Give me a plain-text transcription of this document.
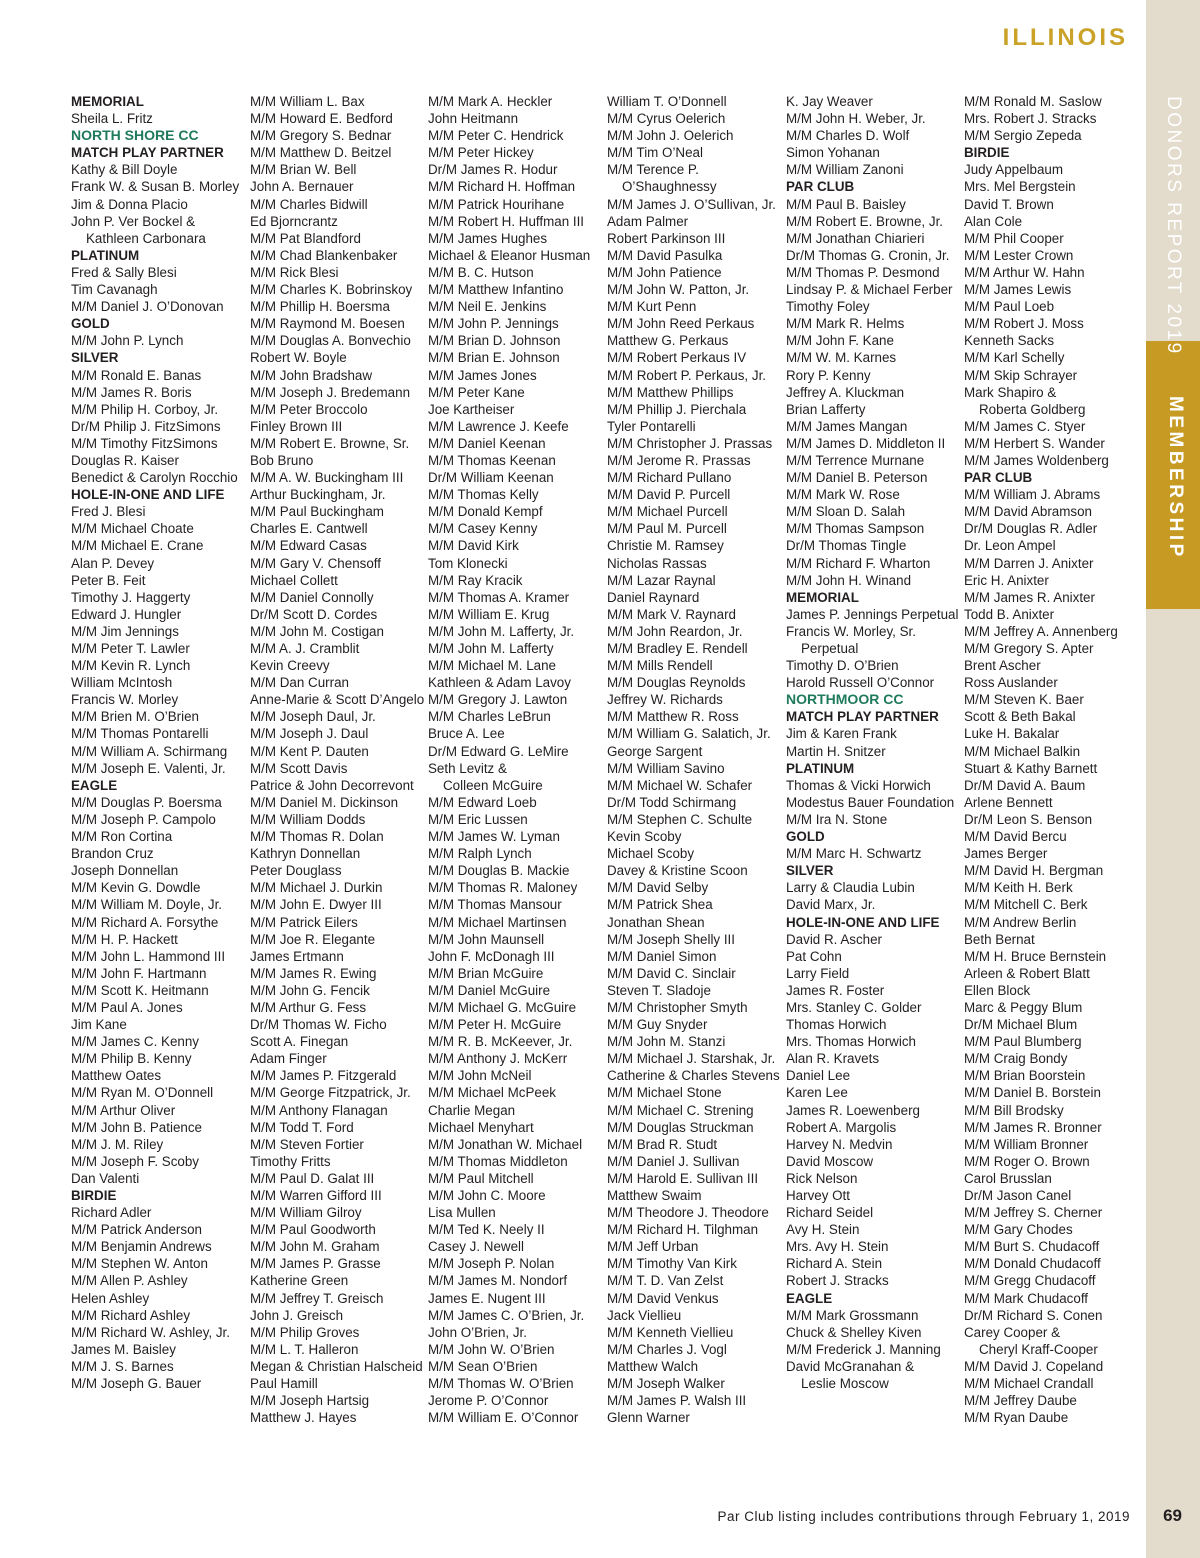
ILLINOIS
DONORS REPORT 2019
MEMBERSHIP
MEMORIAL
Sheila L. Fritz
NORTH SHORE CC
MATCH PLAY PARTNER
Kathy & Bill Doyle
Frank W. & Susan B. Morley
Jim & Donna Placio
John P. Ver Bockel &
Kathleen Carbonara
PLATINUM
Fred & Sally Blesi
Tim Cavanagh
M/M Daniel J. O’Donovan
GOLD
M/M John P. Lynch
SILVER
M/M Ronald E. Banas
M/M James R. Boris
M/M Philip H. Corboy, Jr.
Dr/M Philip J. FitzSimons
M/M Timothy FitzSimons
Douglas R. Kaiser
Benedict & Carolyn Rocchio
HOLE-IN-ONE AND LIFE
Fred J. Blesi
M/M Michael Choate
M/M Michael E. Crane
Alan P. Devey
Peter B. Feit
Timothy J. Haggerty
Edward J. Hungler
M/M Jim Jennings
M/M Peter T. Lawler
M/M Kevin R. Lynch
William McIntosh
Francis W. Morley
M/M Brien M. O’Brien
M/M Thomas Pontarelli
M/M William A. Schirmang
M/M Joseph E. Valenti, Jr.
EAGLE
M/M Douglas P. Boersma
M/M Joseph P. Campolo
M/M Ron Cortina
Brandon Cruz
Joseph Donnellan
M/M Kevin G. Dowdle
M/M William M. Doyle, Jr.
M/M Richard A. Forsythe
M/M H. P. Hackett
M/M John L. Hammond III
M/M John F. Hartmann
M/M Scott K. Heitmann
M/M Paul A. Jones
Jim Kane
M/M James C. Kenny
M/M Philip B. Kenny
Matthew Oates
M/M Ryan M. O’Donnell
M/M Arthur Oliver
M/M John B. Patience
M/M J. M. Riley
M/M Joseph F. Scoby
Dan Valenti
BIRDIE
Richard Adler
M/M Patrick Anderson
M/M Benjamin Andrews
M/M Stephen W. Anton
M/M Allen P. Ashley
Helen Ashley
M/M Richard Ashley
M/M Richard W. Ashley, Jr.
James M. Baisley
M/M J. S. Barnes
M/M Joseph G. Bauer
M/M William L. Bax
M/M Howard E. Bedford
M/M Gregory S. Bednar
M/M Matthew D. Beitzel
M/M Brian W. Bell
John A. Bernauer
M/M Charles Bidwill
Ed Bjorncrantz
M/M Pat Blandford
M/M Chad Blankenbaker
M/M Rick Blesi
M/M Charles K. Bobrinskoy
M/M Phillip H. Boersma
M/M Raymond M. Boesen
M/M Douglas A. Bonvechio
Robert W. Boyle
M/M John Bradshaw
M/M Joseph J. Bredemann
M/M Peter Broccolo
Finley Brown III
M/M Robert E. Browne, Sr.
Bob Bruno
M/M A. W. Buckingham III
Arthur Buckingham, Jr.
M/M Paul Buckingham
Charles E. Cantwell
M/M Edward Casas
M/M Gary V. Chensoff
Michael Collett
M/M Daniel Connolly
Dr/M Scott D. Cordes
M/M John M. Costigan
M/M A. J. Cramblit
Kevin Creevy
M/M Dan Curran
Anne-Marie & Scott D’Angelo
M/M Joseph Daul, Jr.
M/M Joseph J. Daul
M/M Kent P. Dauten
M/M Scott Davis
Patrice & John Decorrevont
M/M Daniel M. Dickinson
M/M William Dodds
M/M Thomas R. Dolan
Kathryn Donnellan
Peter Douglass
M/M Michael J. Durkin
M/M John E. Dwyer III
M/M Patrick Eilers
M/M Joe R. Elegante
James Ertmann
M/M James R. Ewing
M/M John G. Fencik
M/M Arthur G. Fess
Dr/M Thomas W. Ficho
Scott A. Finegan
Adam Finger
M/M James P. Fitzgerald
M/M George Fitzpatrick, Jr.
M/M Anthony Flanagan
M/M Todd T. Ford
M/M Steven Fortier
Timothy Fritts
M/M Paul D. Galat III
M/M Warren Gifford III
M/M William Gilroy
M/M Paul Goodworth
M/M John M. Graham
M/M James P. Grasse
Katherine Green
M/M Jeffrey T. Greisch
John J. Greisch
M/M Philip Groves
M/M L. T. Halleron
Megan & Christian Halscheid
Paul Hamill
M/M Joseph Hartsig
Matthew J. Hayes
M/M Mark A. Heckler
John Heitmann
M/M Peter C. Hendrick
M/M Peter Hickey
Dr/M James R. Hodur
M/M Richard H. Hoffman
M/M Patrick Hourihane
M/M Robert H. Huffman III
M/M James Hughes
Michael & Eleanor Husman
M/M B. C. Hutson
M/M Matthew Infantino
M/M Neil E. Jenkins
M/M John P. Jennings
M/M Brian D. Johnson
M/M Brian E. Johnson
M/M James Jones
M/M Peter Kane
Joe Kartheiser
M/M Lawrence J. Keefe
M/M Daniel Keenan
M/M Thomas Keenan
Dr/M William Keenan
M/M Thomas Kelly
M/M Donald Kempf
M/M Casey Kenny
M/M David Kirk
Tom Klonecki
M/M Ray Kracik
M/M Thomas A. Kramer
M/M William E. Krug
M/M John M. Lafferty, Jr.
M/M John M. Lafferty
M/M Michael M. Lane
Kathleen & Adam Lavoy
M/M Gregory J. Lawton
M/M Charles LeBrun
Bruce A. Lee
Dr/M Edward G. LeMire
Seth Levitz &
Colleen McGuire
M/M Edward Loeb
M/M Eric Lussen
M/M James W. Lyman
M/M Ralph Lynch
M/M Douglas B. Mackie
M/M Thomas R. Maloney
M/M Thomas Mansour
M/M Michael Martinsen
M/M John Maunsell
John F. McDonagh III
M/M Brian McGuire
M/M Daniel McGuire
M/M Michael G. McGuire
M/M Peter H. McGuire
M/M R. B. McKeever, Jr.
M/M Anthony J. McKerr
M/M John McNeil
M/M Michael McPeek
Charlie Megan
Michael Menyhart
M/M Jonathan W. Michael
M/M Thomas Middleton
M/M Paul Mitchell
M/M John C. Moore
Lisa Mullen
M/M Ted K. Neely II
Casey J. Newell
M/M Joseph P. Nolan
M/M James M. Nondorf
James E. Nugent III
M/M James C. O’Brien, Jr.
John O’Brien, Jr.
M/M John W. O’Brien
M/M Sean O’Brien
M/M Thomas W. O’Brien
Jerome P. O’Connor
M/M William E. O’Connor
William T. O’Donnell
M/M Cyrus Oelerich
M/M John J. Oelerich
M/M Tim O’Neal
M/M Terence P.
O’Shaughnessy
M/M James J. O’Sullivan, Jr.
Adam Palmer
Robert Parkinson III
M/M David Pasulka
M/M John Patience
M/M John W. Patton, Jr.
M/M Kurt Penn
M/M John Reed Perkaus
Matthew G. Perkaus
M/M Robert Perkaus IV
M/M Robert P. Perkaus, Jr.
M/M Matthew Phillips
M/M Phillip J. Pierchala
Tyler Pontarelli
M/M Christopher J. Prassas
M/M Jerome R. Prassas
M/M Richard Pullano
M/M David P. Purcell
M/M Michael Purcell
M/M Paul M. Purcell
Christie M. Ramsey
Nicholas Rassas
M/M Lazar Raynal
Daniel Raynard
M/M Mark V. Raynard
M/M John Reardon, Jr.
M/M Bradley E. Rendell
M/M Mills Rendell
M/M Douglas Reynolds
Jeffrey W. Richards
M/M Matthew R. Ross
M/M William G. Salatich, Jr.
George Sargent
M/M William Savino
M/M Michael W. Schafer
Dr/M Todd Schirmang
M/M Stephen C. Schulte
Kevin Scoby
Michael Scoby
Davey & Kristine Scoon
M/M David Selby
M/M Patrick Shea
Jonathan Shean
M/M Joseph Shelly III
M/M Daniel Simon
M/M David C. Sinclair
Steven T. Sladoje
M/M Christopher Smyth
M/M Guy Snyder
M/M John M. Stanzi
M/M Michael J. Starshak, Jr.
Catherine & Charles Stevens
M/M Michael Stone
M/M Michael C. Strening
M/M Douglas Struckman
M/M Brad R. Studt
M/M Daniel J. Sullivan
M/M Harold E. Sullivan III
Matthew Swaim
M/M Theodore J. Theodore
M/M Richard H. Tilghman
M/M Jeff Urban
M/M Timothy Van Kirk
M/M T. D. Van Zelst
M/M David Venkus
Jack Viellieu
M/M Kenneth Viellieu
M/M Charles J. Vogl
Matthew Walch
M/M Joseph Walker
M/M James P. Walsh III
Glenn Warner
K. Jay Weaver
M/M John H. Weber, Jr.
M/M Charles D. Wolf
Simon Yohanan
M/M William Zanoni
PAR CLUB
M/M Paul B. Baisley
M/M Robert E. Browne, Jr.
M/M Jonathan Chiarieri
Dr/M Thomas G. Cronin, Jr.
M/M Thomas P. Desmond
Lindsay P. & Michael Ferber
Timothy Foley
M/M Mark R. Helms
M/M John F. Kane
M/M W. M. Karnes
Rory P. Kenny
Jeffrey A. Kluckman
Brian Lafferty
M/M James Mangan
M/M James D. Middleton II
M/M Terrence Murnane
M/M Daniel B. Peterson
M/M Mark W. Rose
M/M Sloan D. Salah
M/M Thomas Sampson
Dr/M Thomas Tingle
M/M Richard F. Wharton
M/M John H. Winand
MEMORIAL
James P. Jennings Perpetual
Francis W. Morley, Sr.
Perpetual
Timothy D. O’Brien
Harold Russell O’Connor
NORTHMOOR CC
MATCH PLAY PARTNER
Jim & Karen Frank
Martin H. Snitzer
PLATINUM
Thomas & Vicki Horwich
Modestus Bauer Foundation
M/M Ira N. Stone
GOLD
M/M Marc H. Schwartz
SILVER
Larry & Claudia Lubin
David Marx, Jr.
HOLE-IN-ONE AND LIFE
David R. Ascher
Pat Cohn
Larry Field
James R. Foster
Mrs. Stanley C. Golder
Thomas Horwich
Mrs. Thomas Horwich
Alan R. Kravets
Daniel Lee
Karen Lee
James R. Loewenberg
Robert A. Margolis
Harvey N. Medvin
David Moscow
Rick Nelson
Harvey Ott
Richard Seidel
Avy H. Stein
Mrs. Avy H. Stein
Richard A. Stein
Robert J. Stracks
EAGLE
M/M Mark Grossmann
Chuck & Shelley Kiven
M/M Frederick J. Manning
David McGranahan &
Leslie Moscow
M/M Ronald M. Saslow
Mrs. Robert J. Stracks
M/M Sergio Zepeda
BIRDIE
Judy Appelbaum
Mrs. Mel Bergstein
David T. Brown
Alan Cole
M/M Phil Cooper
M/M Lester Crown
M/M Arthur W. Hahn
M/M James Lewis
M/M Paul Loeb
M/M Robert J. Moss
Kenneth Sacks
M/M Karl Schelly
M/M Skip Schrayer
Mark Shapiro &
Roberta Goldberg
M/M James C. Styer
M/M Herbert S. Wander
M/M James Woldenberg
PAR CLUB
M/M William J. Abrams
M/M David Abramson
Dr/M Douglas R. Adler
Dr. Leon Ampel
M/M Darren J. Anixter
Eric H. Anixter
M/M James R. Anixter
Todd B. Anixter
M/M Jeffrey A. Annenberg
M/M Gregory S. Apter
Brent Ascher
Ross Auslander
M/M Steven K. Baer
Scott & Beth Bakal
Luke H. Bakalar
M/M Michael Balkin
Stuart & Kathy Barnett
Dr/M David A. Baum
Arlene Bennett
Dr/M Leon S. Benson
M/M David Bercu
James Berger
M/M David H. Bergman
M/M Keith H. Berk
M/M Mitchell C. Berk
M/M Andrew Berlin
Beth Bernat
M/M H. Bruce Bernstein
Arleen & Robert Blatt
Ellen Block
Marc & Peggy Blum
Dr/M Michael Blum
M/M Paul Blumberg
M/M Craig Bondy
M/M Brian Boorstein
M/M Daniel B. Borstein
M/M Bill Brodsky
M/M James R. Bronner
M/M William Bronner
M/M Roger O. Brown
Carol Brusslan
Dr/M Jason Canel
M/M Jeffrey S. Cherner
M/M Gary Chodes
M/M Burt S. Chudacoff
M/M Donald Chudacoff
M/M Gregg Chudacoff
M/M Mark Chudacoff
Dr/M Richard S. Conen
Carey Cooper &
Cheryl Kraff-Cooper
M/M David J. Copeland
M/M Michael Crandall
M/M Jeffrey Daube
M/M Ryan Daube
Par Club listing includes contributions through February 1, 2019 69
